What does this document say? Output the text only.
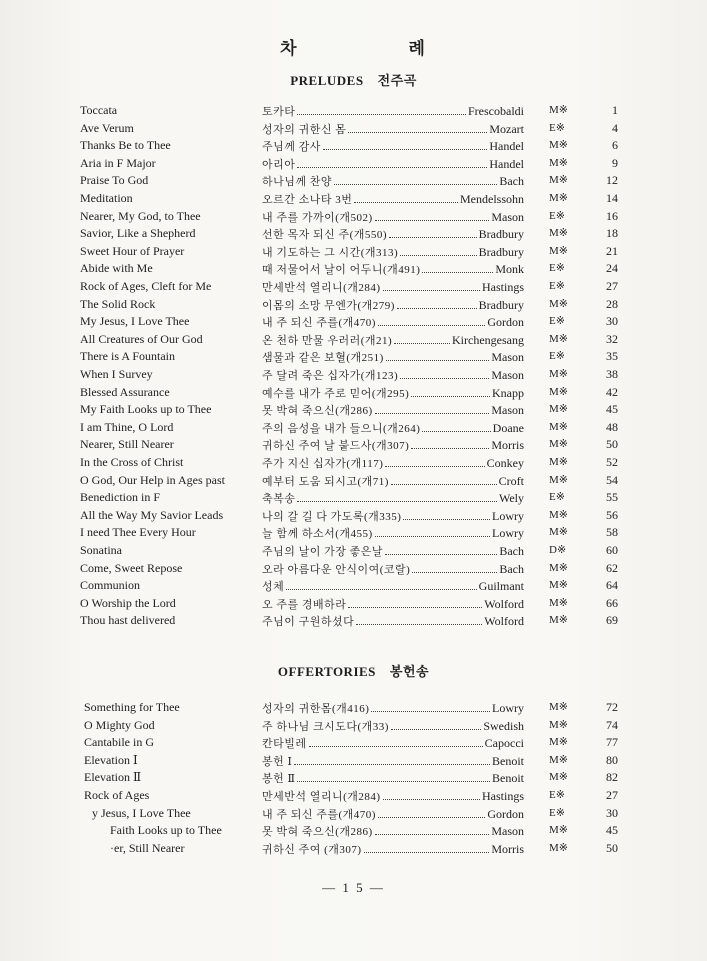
차	례
PRELUDES 전주곡
Toccata	토카타	Frescobaldi M※	1
Ave Verum	성자의 귀한신 몸	Mozart E※	4
Thanks Be to Thee	주님께 감사	Handel M※	6
Aria in F Major	아리아	Handel M※	9
Praise To God	하나님께 찬양	Bach M※	12
Meditation	오르간 소나타 3번	Mendelssohn M※	14
Nearer, My God, to Thee	내 주를 가까이(개502)	Mason E※	16
Savior, Like a Shepherd	선한 목자 되신 주(개550)	Bradbury M※	18
Sweet Hour of Prayer	내 기도하는 그 시간(개313)	Bradbury M※	21
Abide with Me	때 저물어서 날이 어두니(개491)	Monk E※	24
Rock of Ages, Cleft for Me	만세반석 열리니(개284)	Hastings E※	27
The Solid Rock	이몸의 소망 무엔가(개279)	Bradbury M※	28
My Jesus, I Love Thee	내 주 되신 주를(개470)	Gordon E※	30
All Creatures of Our God	온 천하 만물 우러러(개21)	Kirchengesang M※	32
There is A Fountain	샘물과 같은 보혈(개251)	Mason E※	35
When I Survey	주 달려 죽은 십자가(개123)	Mason M※	38
Blessed Assurance	예수를 내가 주로 믿어(개295)	Knapp M※	42
My Faith Looks up to Thee	못 박혀 죽으신(개286)	Mason M※	45
I am Thine, O Lord	주의 음성을 내가 들으니(개264)	Doane M※	48
Nearer, Still Nearer	귀하신 주여 날 붙드사(개307)	Morris M※	50
In the Cross of Christ	주가 지신 십자가(개117)	Conkey M※	52
O God, Our Help in Ages past	예부터 도움 되시고(개71)	Croft M※	54
Benediction in F	축복송	Wely E※	55
All the Way My Savior Leads	나의 갈 길 다 가도록(개335)	Lowry M※	56
I need Thee Every Hour	늘 함께 하소서(개455)	Lowry M※	58
Sonatina	주님의 날이 가장 좋은날	Bach D※	60
Come, Sweet Repose	오라 아름다운 안식이여(코랄)	Bach M※	62
Communion	성체	Guilmant M※	64
O Worship the Lord	오 주를 경배하라	Wolford M※	66
Thou hast delivered	주님이 구원하셨다	Wolford M※	69
OFFERTORIES 봉헌송
Something for Thee	성자의 귀한몸(개416)	Lowry M※	72
O Mighty God	주 하나님 크시도다(개33)	Swedish M※	74
Cantabile in G	칸타빌레	Capocci M※	77
Elevation Ⅰ	봉헌 Ⅰ	Benoit M※	80
Elevation Ⅱ	봉헌 Ⅱ	Benoit M※	82
Rock of Ages	만세반석 열리니(개284)	Hastings E※	27
y Jesus, I Love Thee	내 주 되신 주를(개470)	Gordon E※	30
Faith Looks up to Thee	못 박혀 죽으신(개286)	Mason M※	45
·er, Still Nearer	귀하신 주여 (개307)	Morris M※	50
— 1 5 —
